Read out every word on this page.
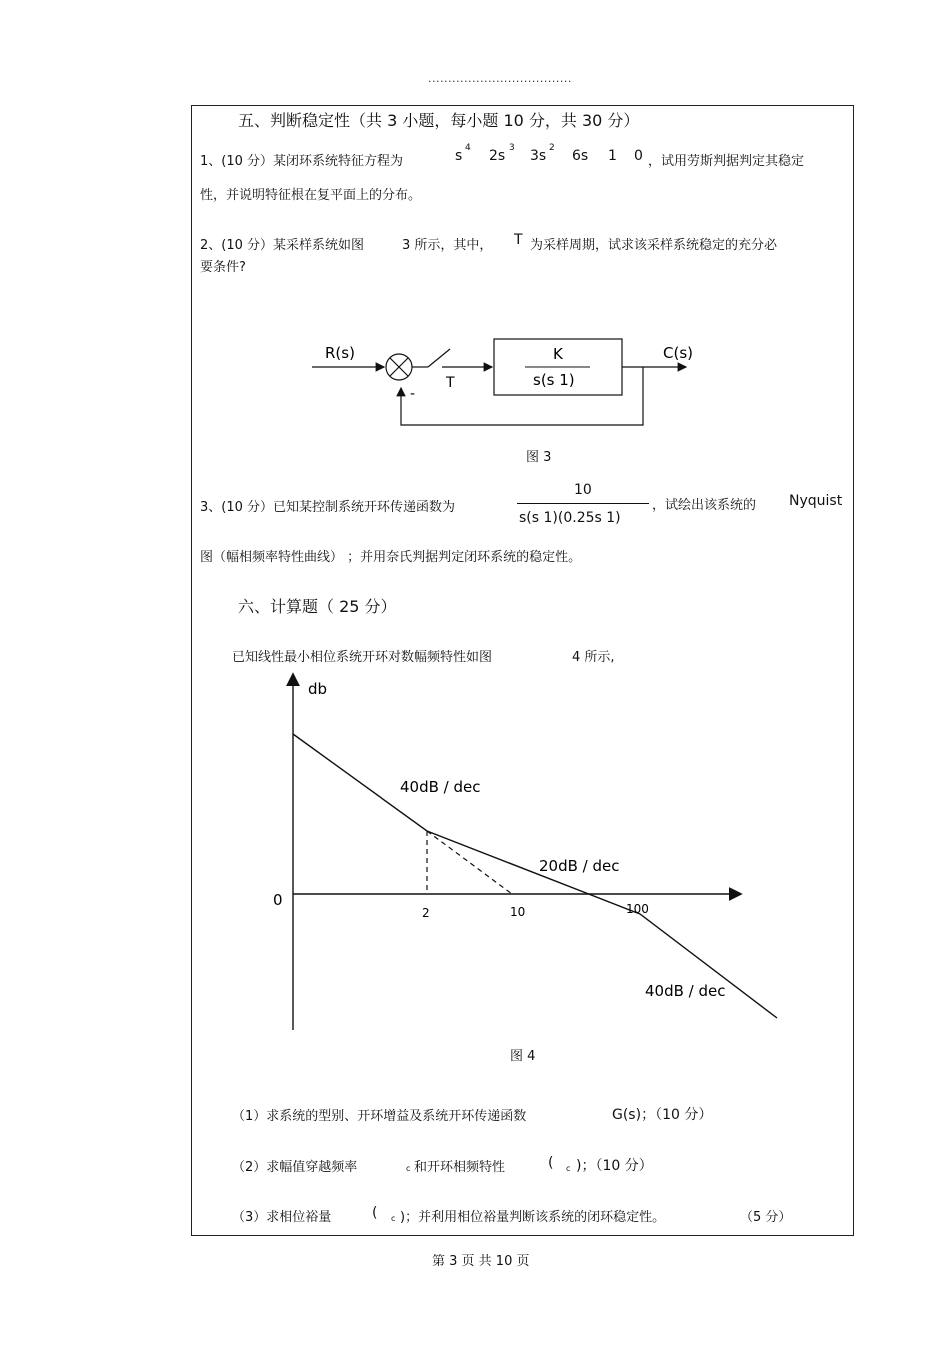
....................................
五、判断稳定性（共 3 小题，每小题 10 分，共 30 分）
1、(10 分）某闭环系统特征方程为	s 4 2s 3 3s 2 6s 1 0 ，试用劳斯判据判定其稳定
性，并说明特征根在复平面上的分布。
2、(10 分）某采样系统如图	3 所示，其中， T 为采样周期，试求该采样系统稳定的充分必
要条件?
R(s)	C(s)
T
-
K
s(s 1)
图 3
3、(10 分）已知某控制系统开环传递函数为
10
s(s 1)(0.25s 1)
，试绘出该系统的 Nyquist
图（幅相频率特性曲线） ；并用奈氏判据判定闭环系统的稳定性。
六、计算题（ 25 分）
已知线性最小相位系统开环对数幅频特性如图	4 所示,
db
0
2	10	100
40dB / dec
20dB / dec
40dB / dec
图 4
（1）求系统的型别、开环增益及系统开环传递函数	G(s)；（10 分）
（2）求幅值穿越频率	c 和开环相频特性	( c )；（10 分）
（3）求相位裕量	( c )；并利用相位裕量判断该系统的闭环稳定性。	（5 分）
第 3 页 共 10 页
